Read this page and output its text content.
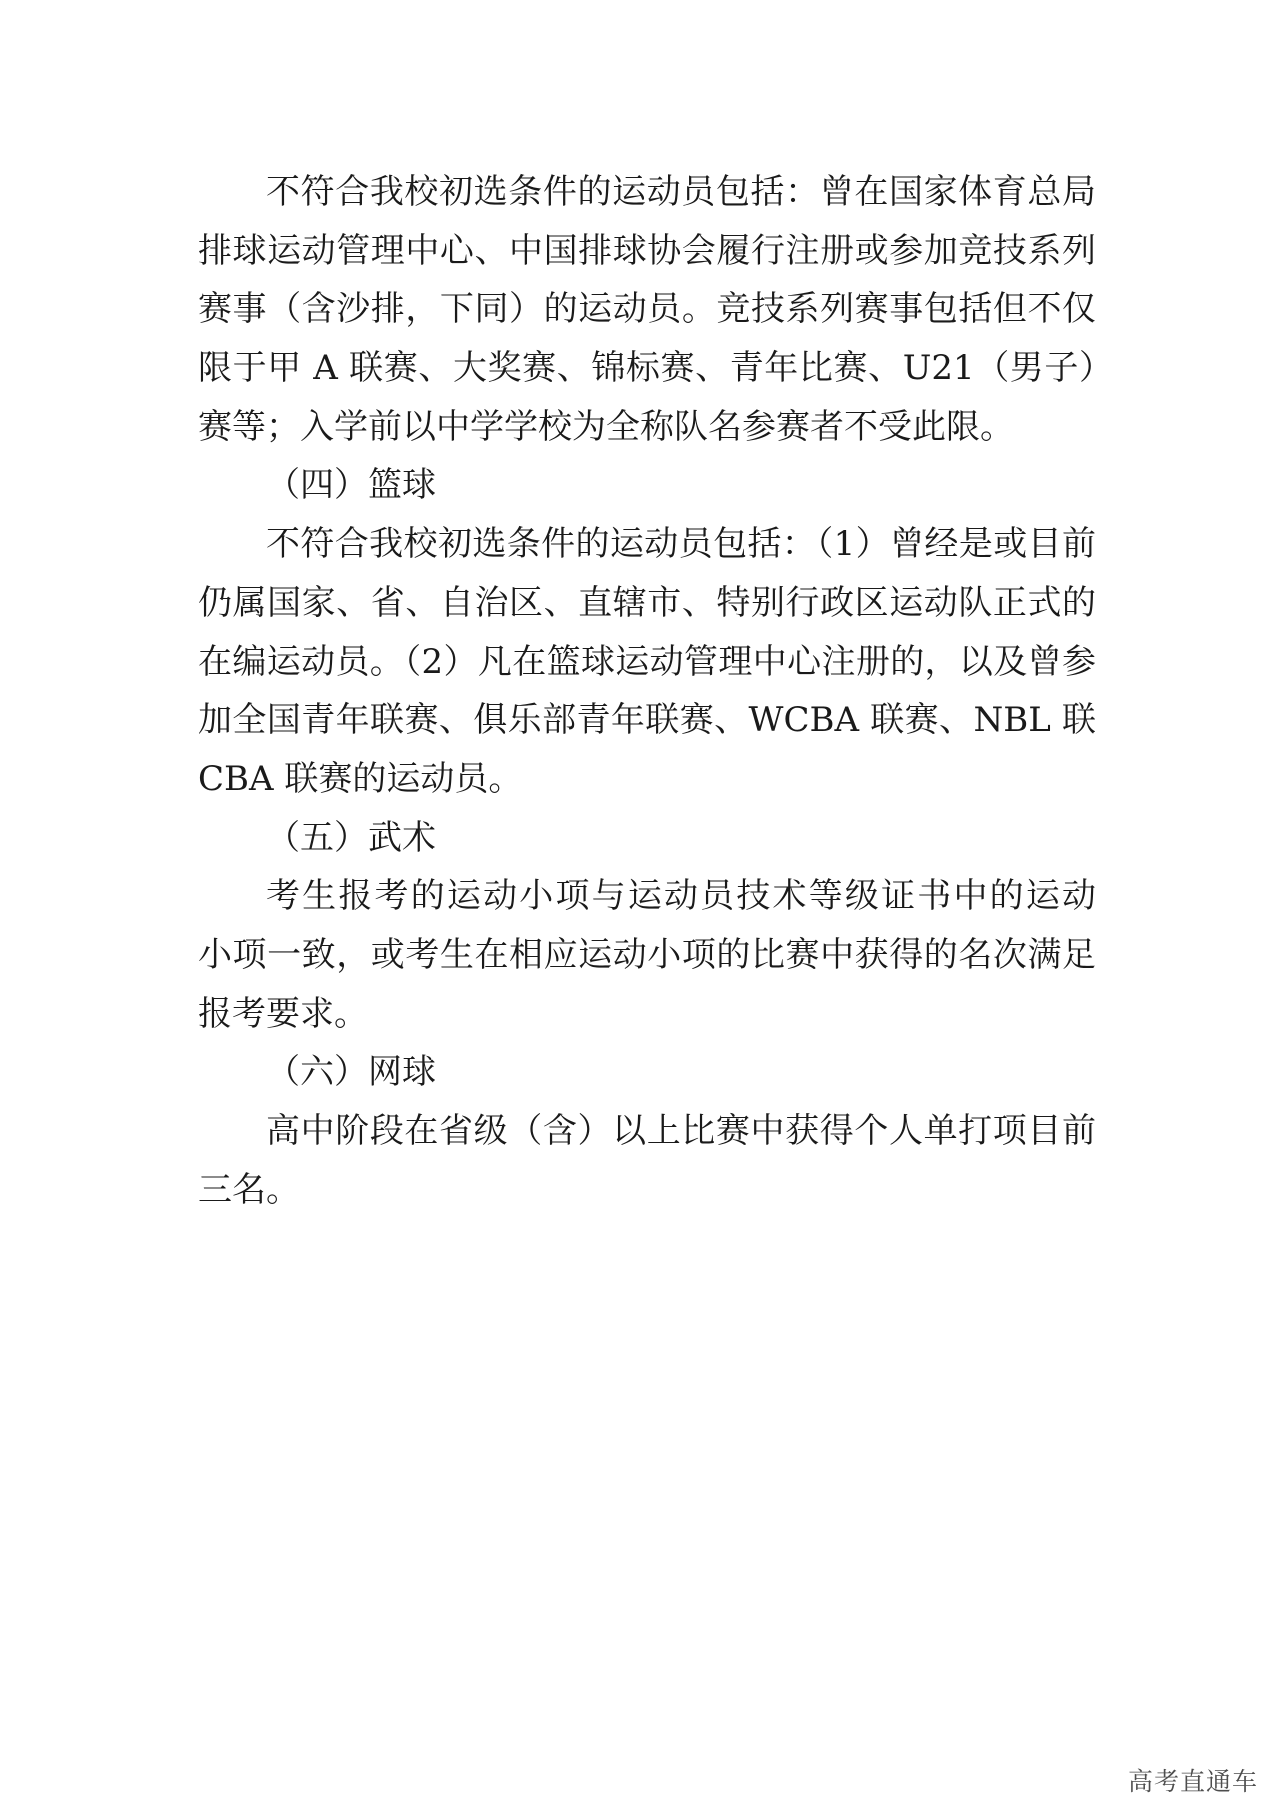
不符合我校初选条件的运动员包括：曾在国家体育总局
排球运动管理中心、中国排球协会履行注册或参加竞技系列
赛事（含沙排，下同）的运动员。竞技系列赛事包括但不仅
限于甲 A 联赛、大奖赛、锦标赛、青年比赛、U21（男子）
赛等；入学前以中学学校为全称队名参赛者不受此限。
（四）篮球
不符合我校初选条件的运动员包括：（1）曾经是或目前
仍属国家、省、自治区、直辖市、特别行政区运动队正式的
在编运动员。（2）凡在篮球运动管理中心注册的，以及曾参
加全国青年联赛、俱乐部青年联赛、WCBA 联赛、NBL 联
CBA 联赛的运动员。
（五）武术
考生报考的运动小项与运动员技术等级证书中的运动
小项一致，或考生在相应运动小项的比赛中获得的名次满足
报考要求。
（六）网球
高中阶段在省级（含）以上比赛中获得个人单打项目前
三名。
高考直通车
